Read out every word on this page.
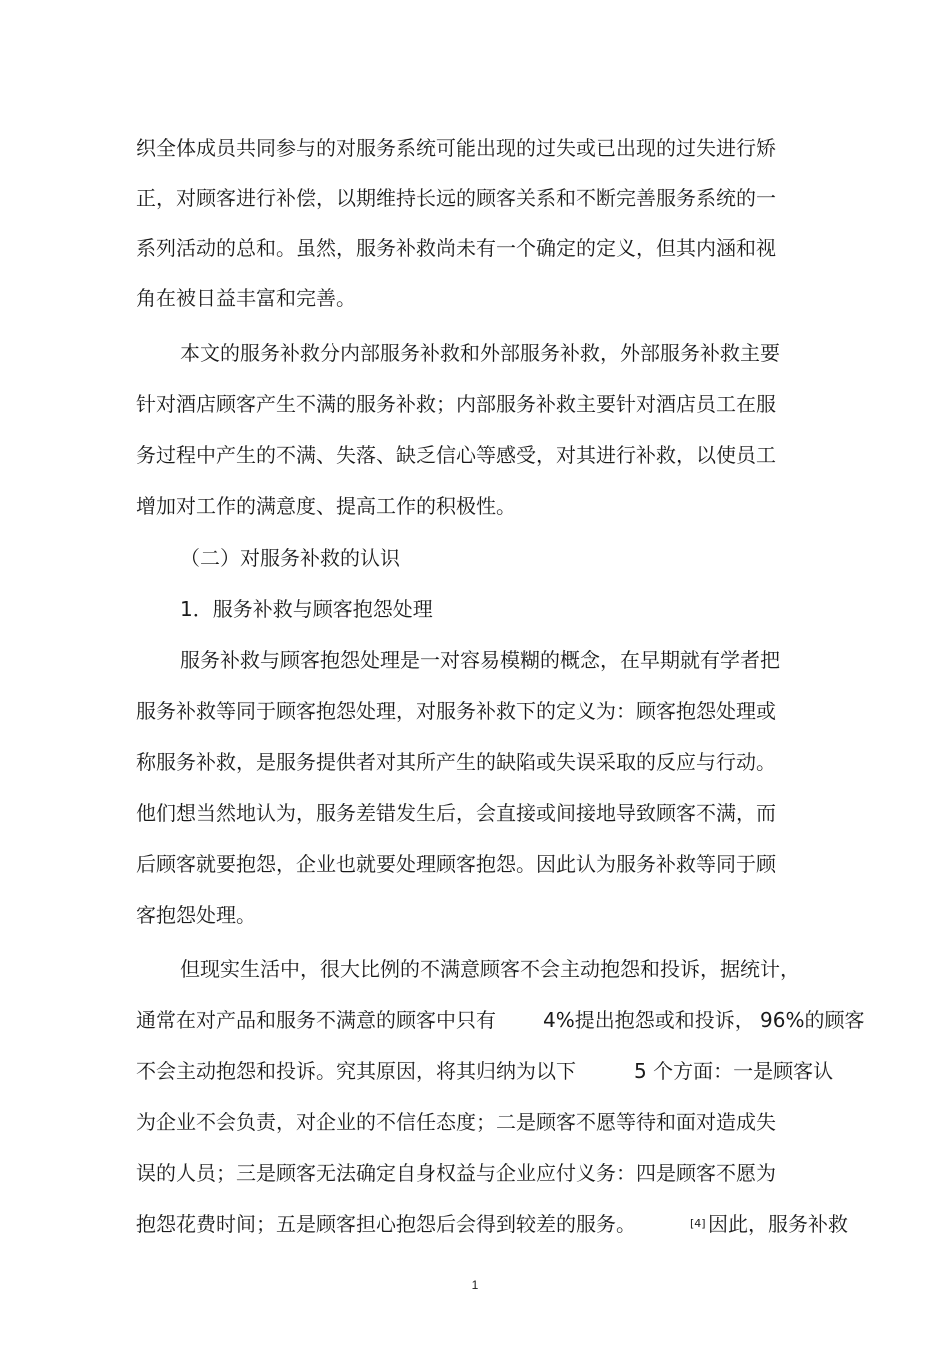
织全体成员共同参与的对服务系统可能出现的过失或已出现的过失进行矫
正，对顾客进行补偿，以期维持长远的顾客关系和不断完善服务系统的一
系列活动的总和。虽然，服务补救尚未有一个确定的定义，但其内涵和视
角在被日益丰富和完善。
本文的服务补救分内部服务补救和外部服务补救，外部服务补救主要
针对酒店顾客产生不满的服务补救；内部服务补救主要针对酒店员工在服
务过程中产生的不满、失落、缺乏信心等感受，对其进行补救，以使员工
增加对工作的满意度、提高工作的积极性。
（二）对服务补救的认识
1．服务补救与顾客抱怨处理
服务补救与顾客抱怨处理是一对容易模糊的概念，在早期就有学者把
服务补救等同于顾客抱怨处理，对服务补救下的定义为：顾客抱怨处理或
称服务补救，是服务提供者对其所产生的缺陷或失误采取的反应与行动。
他们想当然地认为，服务差错发生后，会直接或间接地导致顾客不满，而
后顾客就要抱怨，企业也就要处理顾客抱怨。因此认为服务补救等同于顾
客抱怨处理。
但现实生活中，很大比例的不满意顾客不会主动抱怨和投诉，据统计，
通常在对产品和服务不满意的顾客中只有 4%提出抱怨或和投诉， 96%的顾客
不会主动抱怨和投诉。究其原因，将其归纳为以下	5 个方面：一是顾客认
为企业不会负责，对企业的不信任态度；二是顾客不愿等待和面对造成失
误的人员；三是顾客无法确定自身权益与企业应付义务：四是顾客不愿为
抱怨花费时间；五是顾客担心抱怨后会得到较差的服务。	[4] 因此，服务补救
1
